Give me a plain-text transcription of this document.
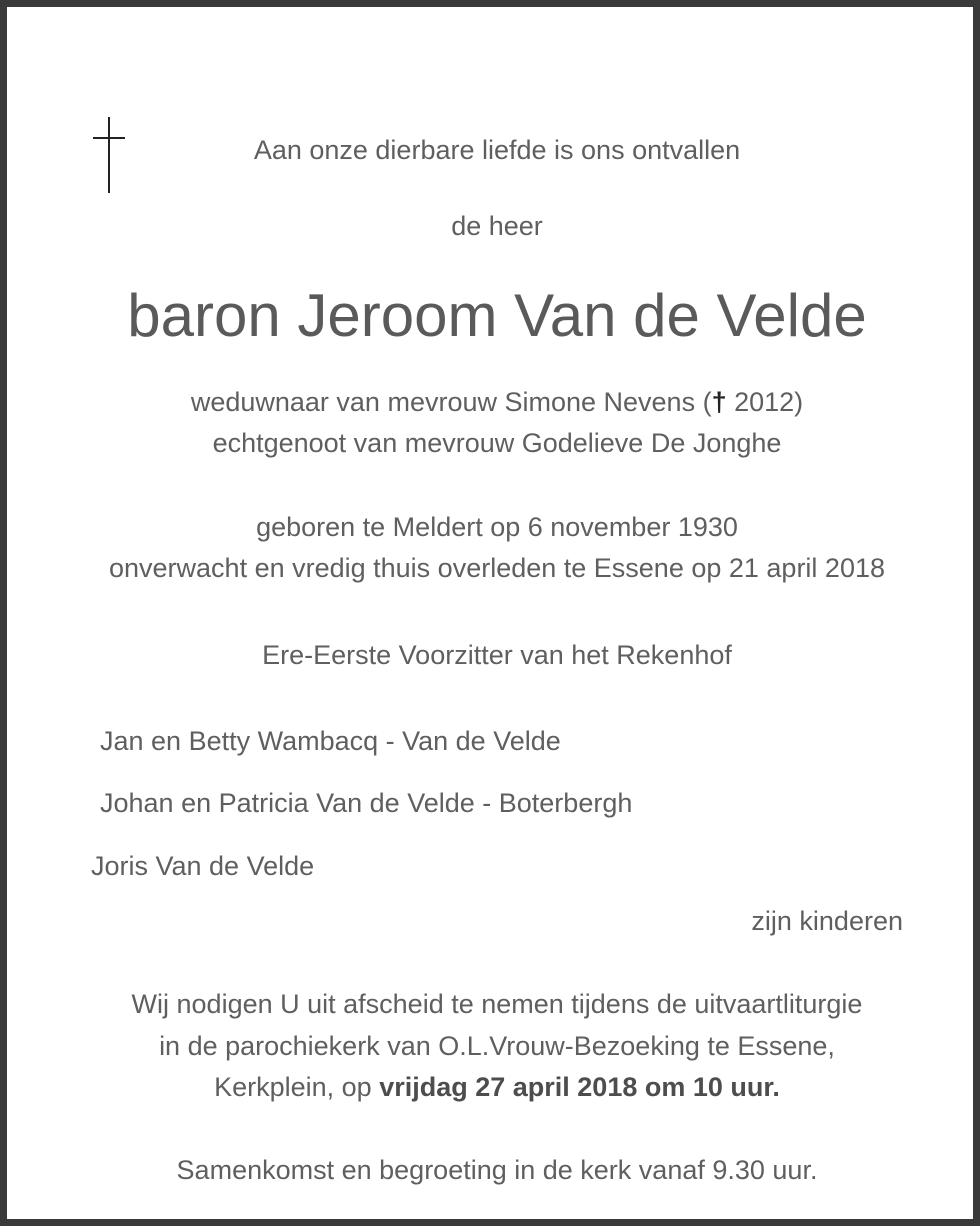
Aan onze dierbare liefde is ons ontvallen
de heer
baron Jeroom Van de Velde
weduwnaar van mevrouw Simone Nevens († 2012)
echtgenoot van mevrouw Godelieve De Jonghe
geboren te Meldert op 6 november 1930
onverwacht en vredig thuis overleden te Essene op 21 april 2018
Ere-Eerste Voorzitter van het Rekenhof
Jan en Betty Wambacq - Van de Velde
Johan en Patricia Van de Velde - Boterbergh
Joris Van de Velde
zijn kinderen
Wij nodigen U uit afscheid te nemen tijdens de uitvaartliturgie
in de parochiekerk van O.L.Vrouw-Bezoeking te Essene,
Kerkplein, op vrijdag 27 april 2018 om 10 uur.
Samenkomst en begroeting in de kerk vanaf 9.30 uur.
